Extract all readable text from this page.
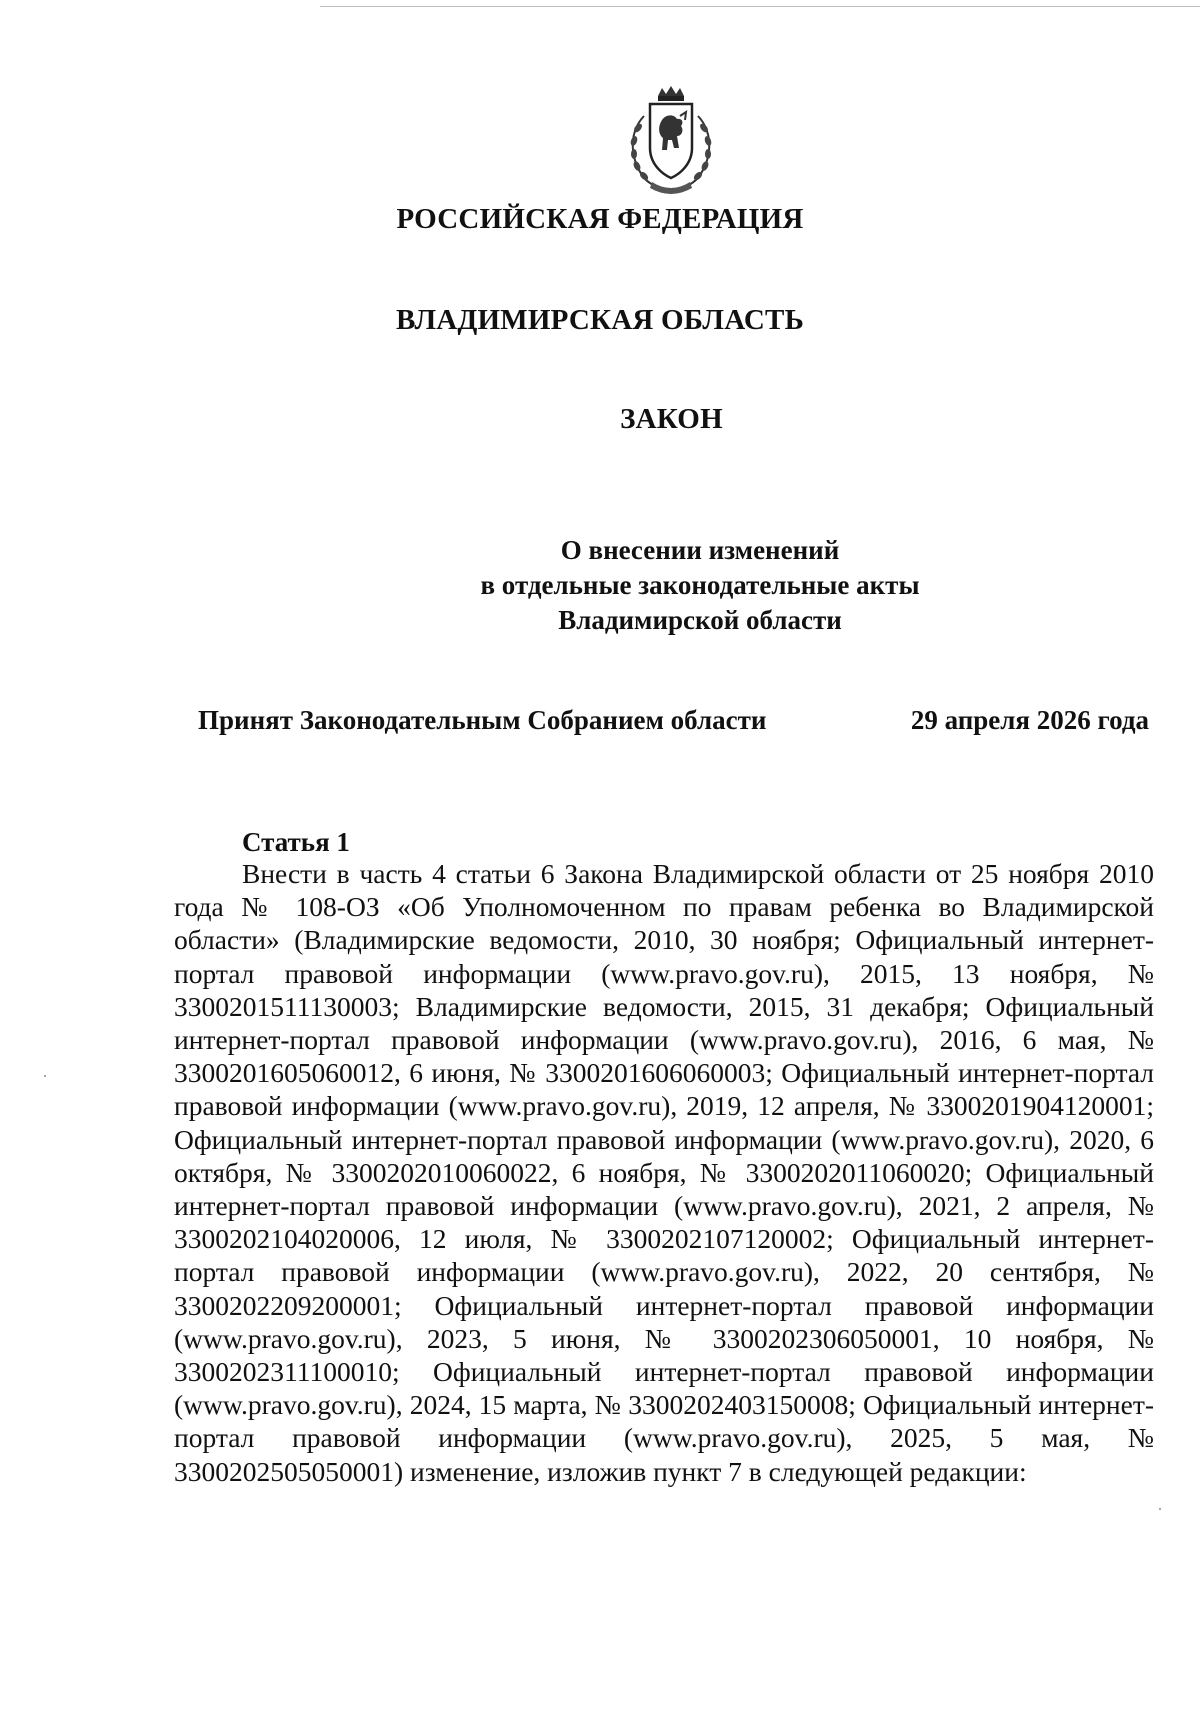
РОССИЙСКАЯ ФЕДЕРАЦИЯ
ВЛАДИМИРСКАЯ ОБЛАСТЬ
ЗАКОН
О внесении изменений
в отдельные законодательные акты
Владимирской области
Принят Законодательным Собранием области	29 апреля 2026 года
Статья 1

Внести в часть 4 статьи 6 Закона Владимирской области от 25 ноября 2010 года № 108-ОЗ «Об Уполномоченном по правам ребенка во Владимирской области» (Владимирские ведомости, 2010, 30 ноября; Официальный интернет-портал правовой информации (www.pravo.gov.ru), 2015, 13 ноября, № 3300201511130003; Владимирские ведомости, 2015, 31 декабря; Официальный интернет-портал правовой информации (www.pravo.gov.ru), 2016, 6 мая, № 3300201605060012, 6 июня, № 3300201606060003; Официальный интернет-портал правовой информации (www.pravo.gov.ru), 2019, 12 апреля, № 3300201904120001; Официальный интернет-портал правовой информации (www.pravo.gov.ru), 2020, 6 октября, № 3300202010060022, 6 ноября, № 3300202011060020; Официальный интернет-портал правовой информации (www.pravo.gov.ru), 2021, 2 апреля, № 3300202104020006, 12 июля, № 3300202107120002; Официальный интернет-портал правовой информации (www.pravo.gov.ru), 2022, 20 сентября, № 3300202209200001; Официальный интернет-портал правовой информации (www.pravo.gov.ru), 2023, 5 июня, № 3300202306050001, 10 ноября, № 3300202311100010; Официальный интернет-портал правовой информации (www.pravo.gov.ru), 2024, 15 марта, № 3300202403150008; Официальный интернет-портал правовой информации (www.pravo.gov.ru), 2025, 5 мая, № 3300202505050001) изменение, изложив пункт 7 в следующей редакции:
